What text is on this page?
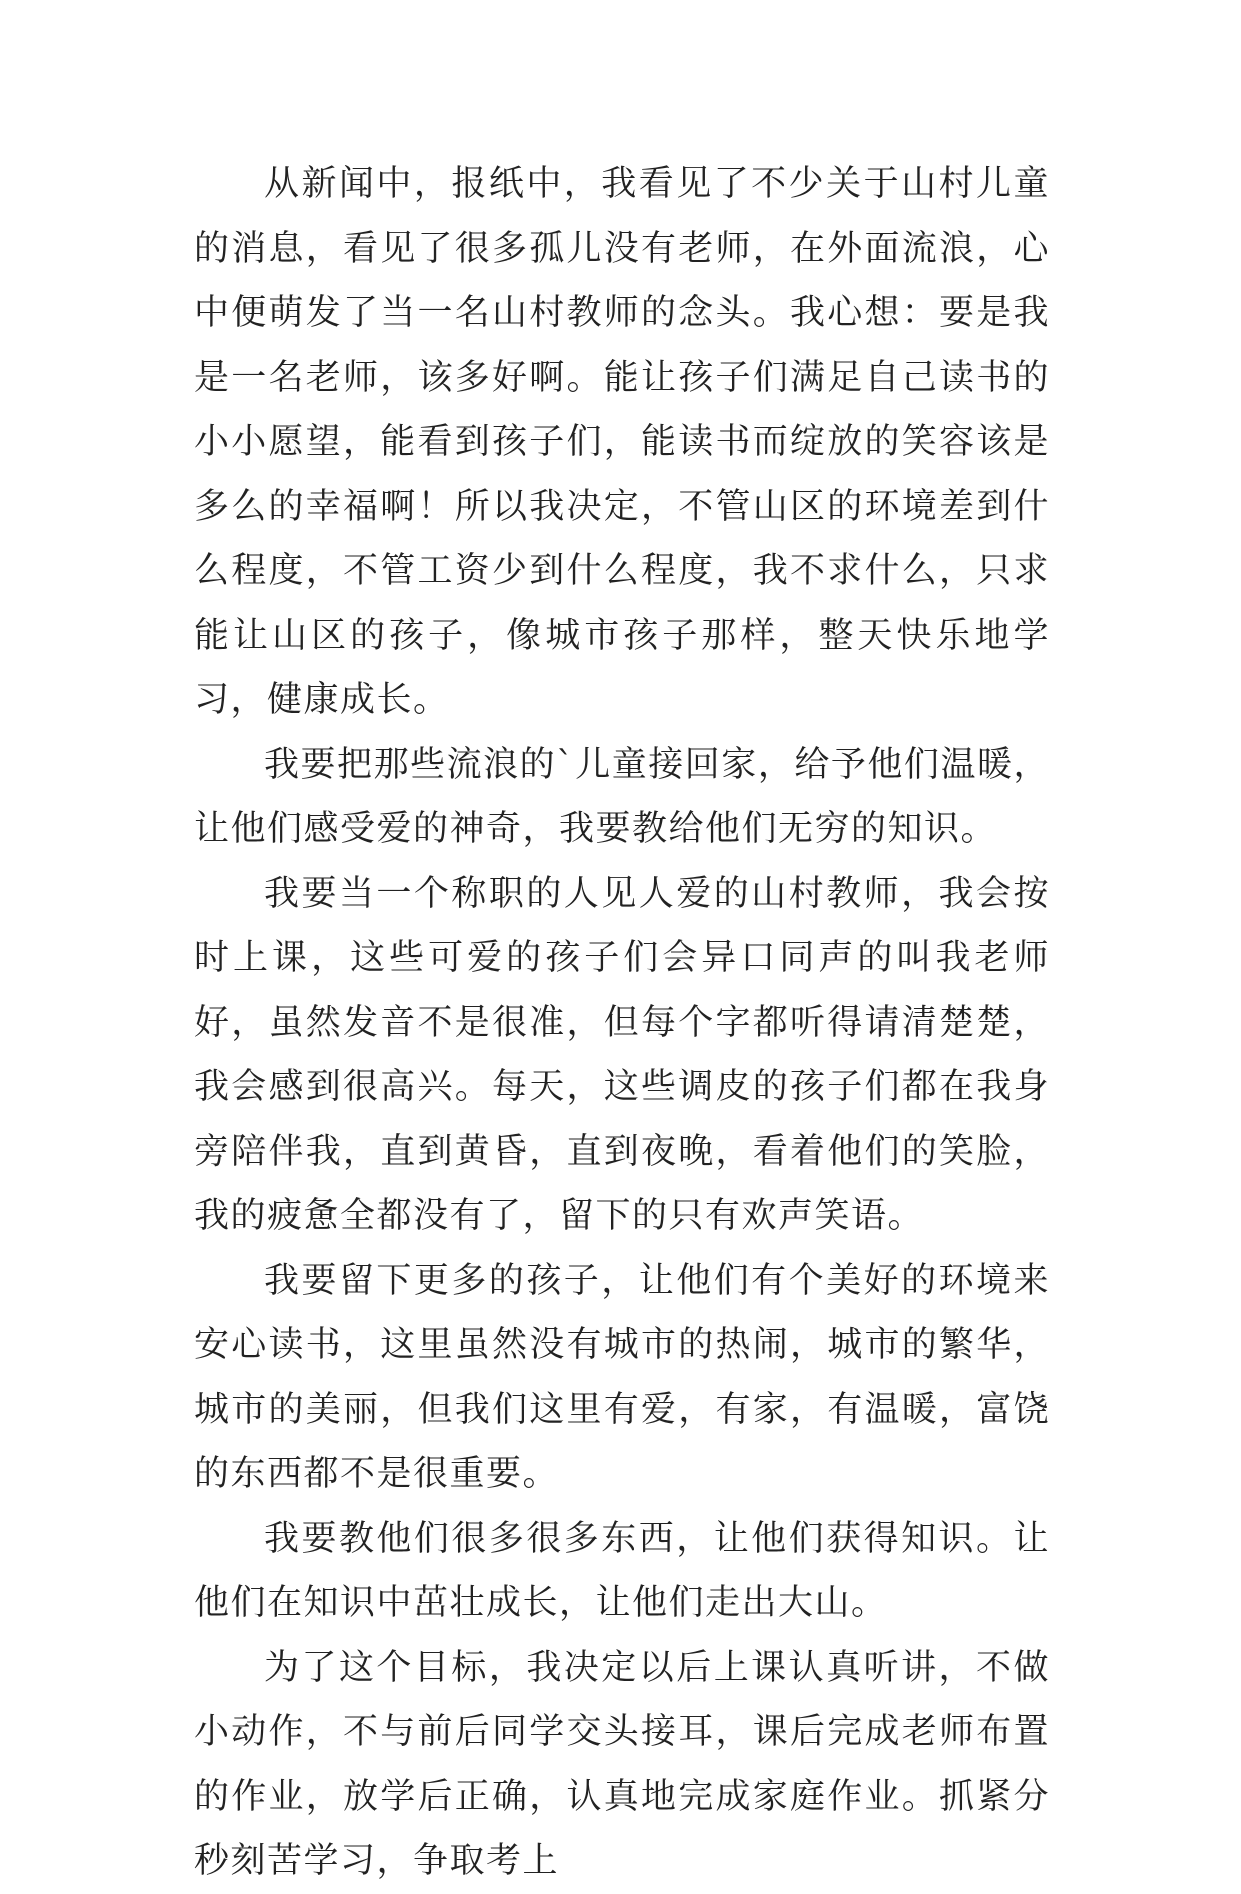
从新闻中，报纸中，我看见了不少关于山村儿童的消息，看见了很多孤儿没有老师，在外面流浪，心中便萌发了当一名山村教师的念头。我心想：要是我是一名老师，该多好啊。能让孩子们满足自己读书的小小愿望，能看到孩子们，能读书而绽放的笑容该是多么的幸福啊！所以我决定，不管山区的环境差到什么程度，不管工资少到什么程度，我不求什么，只求能让山区的孩子，像城市孩子那样，整天快乐地学习，健康成长。

我要把那些流浪的`儿童接回家，给予他们温暖，让他们感受爱的神奇，我要教给他们无穷的知识。

我要当一个称职的人见人爱的山村教师，我会按时上课，这些可爱的孩子们会异口同声的叫我老师好，虽然发音不是很准，但每个字都听得请清楚楚，我会感到很高兴。每天，这些调皮的孩子们都在我身旁陪伴我，直到黄昏，直到夜晚，看着他们的笑脸，我的疲惫全都没有了，留下的只有欢声笑语。

我要留下更多的孩子，让他们有个美好的环境来安心读书，这里虽然没有城市的热闹，城市的繁华，城市的美丽，但我们这里有爱，有家，有温暖，富饶的东西都不是很重要。

我要教他们很多很多东西，让他们获得知识。让他们在知识中茁壮成长，让他们走出大山。

为了这个目标，我决定以后上课认真听讲，不做小动作，不与前后同学交头接耳，课后完成老师布置的作业，放学后正确，认真地完成家庭作业。抓紧分秒刻苦学习，争取考上
